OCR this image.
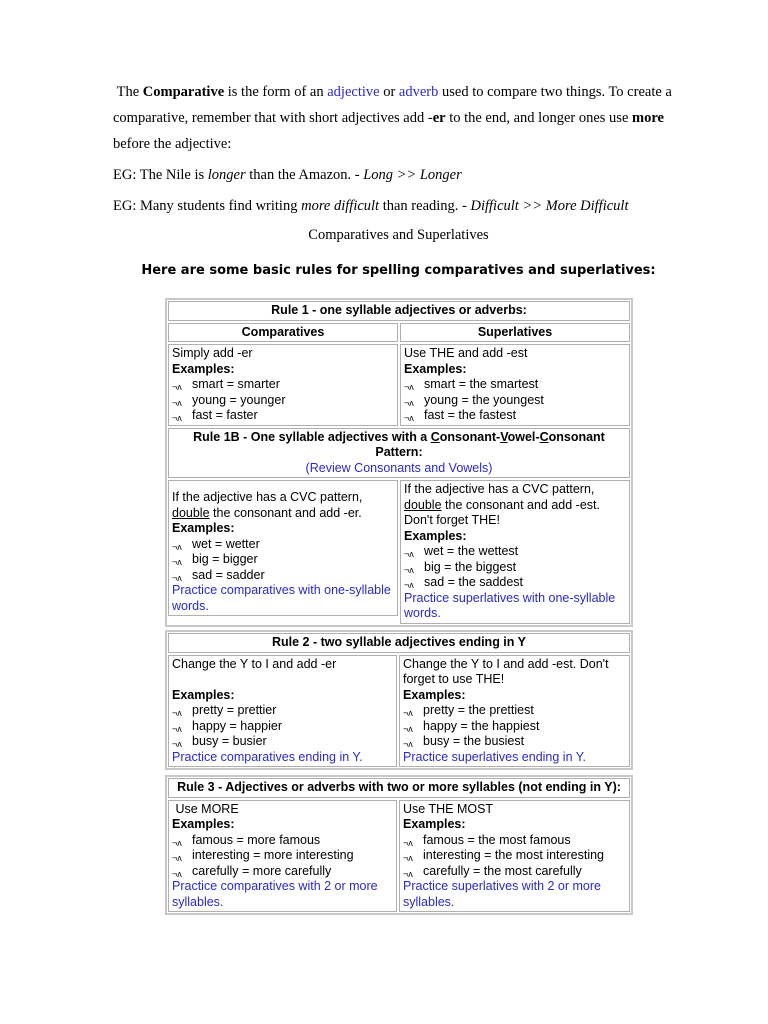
The Comparative is the form of an adjective or adverb used to compare two things. To create a comparative, remember that with short adjectives add -er to the end, and longer ones use more before the adjective:

EG: The Nile is longer than the Amazon. - Long >> Longer

EG: Many students find writing more difficult than reading. - Difficult >> More Difficult

Comparatives and Superlatives

Here are some basic rules for spelling comparatives and superlatives:

Rule 1 - one syllable adjectives or adverbs:
Comparatives	Superlatives
Simply add -er
Examples:
¬ʌ smart = smarter
¬ʌ young = younger
¬ʌ fast = faster
Use THE and add -est
Examples:
¬ʌ smart = the smartest
¬ʌ young = the youngest
¬ʌ fast = the fastest
Rule 1B - One syllable adjectives with a Consonant-Vowel-Consonant Pattern:
(Review Consonants and Vowels)
If the adjective has a CVC pattern, double the consonant and add -er.
Examples:
¬ʌ wet = wetter
¬ʌ big = bigger
¬ʌ sad = sadder
Practice comparatives with one-syllable words.
If the adjective has a CVC pattern, double the consonant and add -est. Don't forget THE!
Examples:
¬ʌ wet = the wettest
¬ʌ big = the biggest
¬ʌ sad = the saddest
Practice superlatives with one-syllable words.
Rule 2 - two syllable adjectives ending in Y
Change the Y to I and add -er
Examples:
¬ʌ pretty = prettier
¬ʌ happy = happier
¬ʌ busy = busier
Practice comparatives ending in Y.
Change the Y to I and add -est. Don't forget to use THE!
Examples:
¬ʌ pretty = the prettiest
¬ʌ happy = the happiest
¬ʌ busy = the busiest
Practice superlatives ending in Y.
Rule 3 - Adjectives or adverbs with two or more syllables (not ending in Y):
Use MORE
Examples:
¬ʌ famous = more famous
¬ʌ interesting = more interesting
¬ʌ carefully = more carefully
Practice comparatives with 2 or more syllables.
Use THE MOST
Examples:
¬ʌ famous = the most famous
¬ʌ interesting = the most interesting
¬ʌ carefully = the most carefully
Practice superlatives with 2 or more syllables.
